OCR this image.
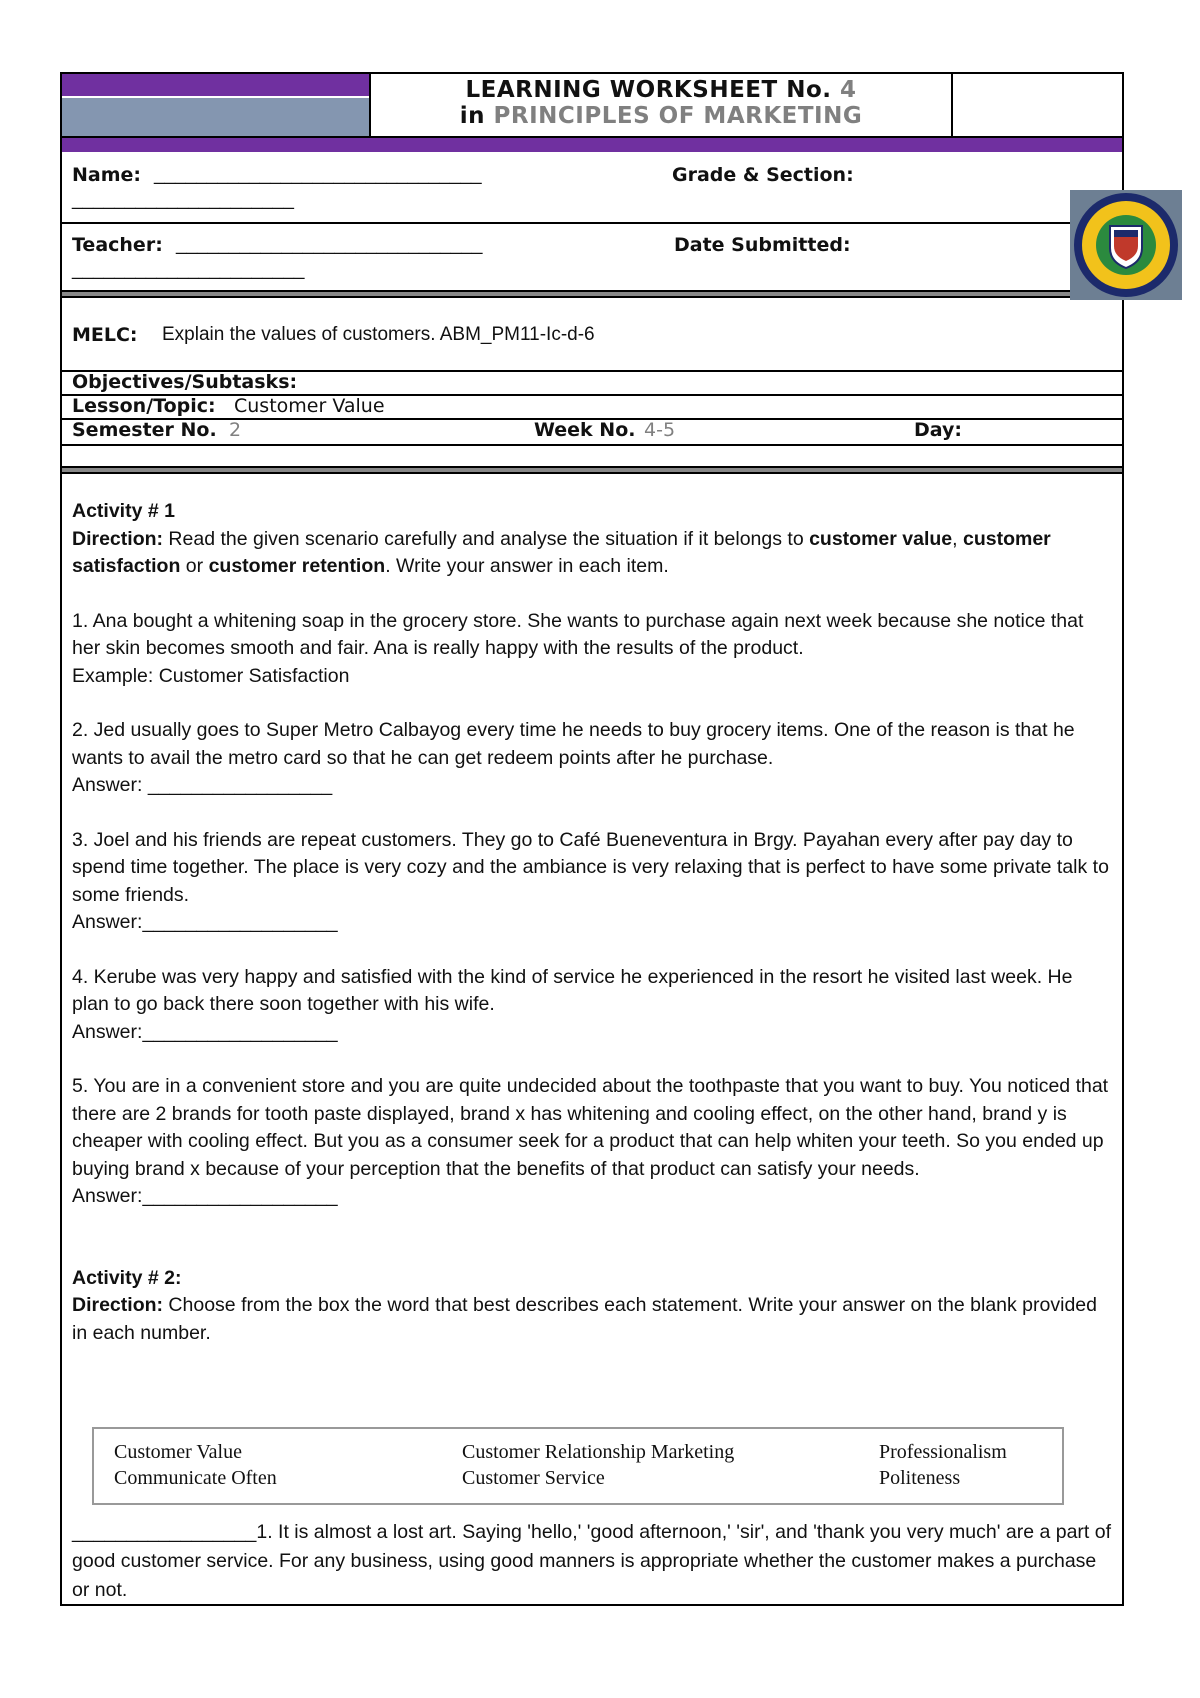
LEARNING WORKSHEET No. 4
in PRINCIPLES OF MARKETING
Name: _______________________________
_____________________
Grade & Section:
Teacher: _____________________________
______________________
Date Submitted:
MELC: Explain the values of customers. ABM_PM11-Ic-d-6
Objectives/Subtasks:
Lesson/Topic: Customer Value
Semester No. 2	Week No. 4-5	Day:
Activity # 1
Direction: Read the given scenario carefully and analyse the situation if it belongs to customer value, customer satisfaction or customer retention. Write your answer in each item.
1. Ana bought a whitening soap in the grocery store. She wants to purchase again next week because she notice that her skin becomes smooth and fair. Ana is really happy with the results of the product.
Example: Customer Satisfaction
2. Jed usually goes to Super Metro Calbayog every time he needs to buy grocery items. One of the reason is that he wants to avail the metro card so that he can get redeem points after he purchase.
Answer: _________________
3. Joel and his friends are repeat customers. They go to Café Bueneventura in Brgy. Payahan every after pay day to spend time together. The place is very cozy and the ambiance is very relaxing that is perfect to have some private talk to some friends.
Answer:__________________
4. Kerube was very happy and satisfied with the kind of service he experienced in the resort he visited last week. He plan to go back there soon together with his wife.
Answer:__________________
5. You are in a convenient store and you are quite undecided about the toothpaste that you want to buy. You noticed that there are 2 brands for tooth paste displayed, brand x has whitening and cooling effect, on the other hand, brand y is cheaper with cooling effect. But you as a consumer seek for a product that can help whiten your teeth. So you ended up buying brand x because of your perception that the benefits of that product can satisfy your needs.
Answer:__________________
Activity # 2:
Direction: Choose from the box the word that best describes each statement. Write your answer on the blank provided in each number.
Customer Value	Customer Relationship Marketing	Professionalism
Communicate Often	Customer Service	Politeness
_________________1. It is almost a lost art. Saying 'hello,' 'good afternoon,' 'sir', and 'thank you very much' are a part of good customer service. For any business, using good manners is appropriate whether the customer makes a purchase or not.
